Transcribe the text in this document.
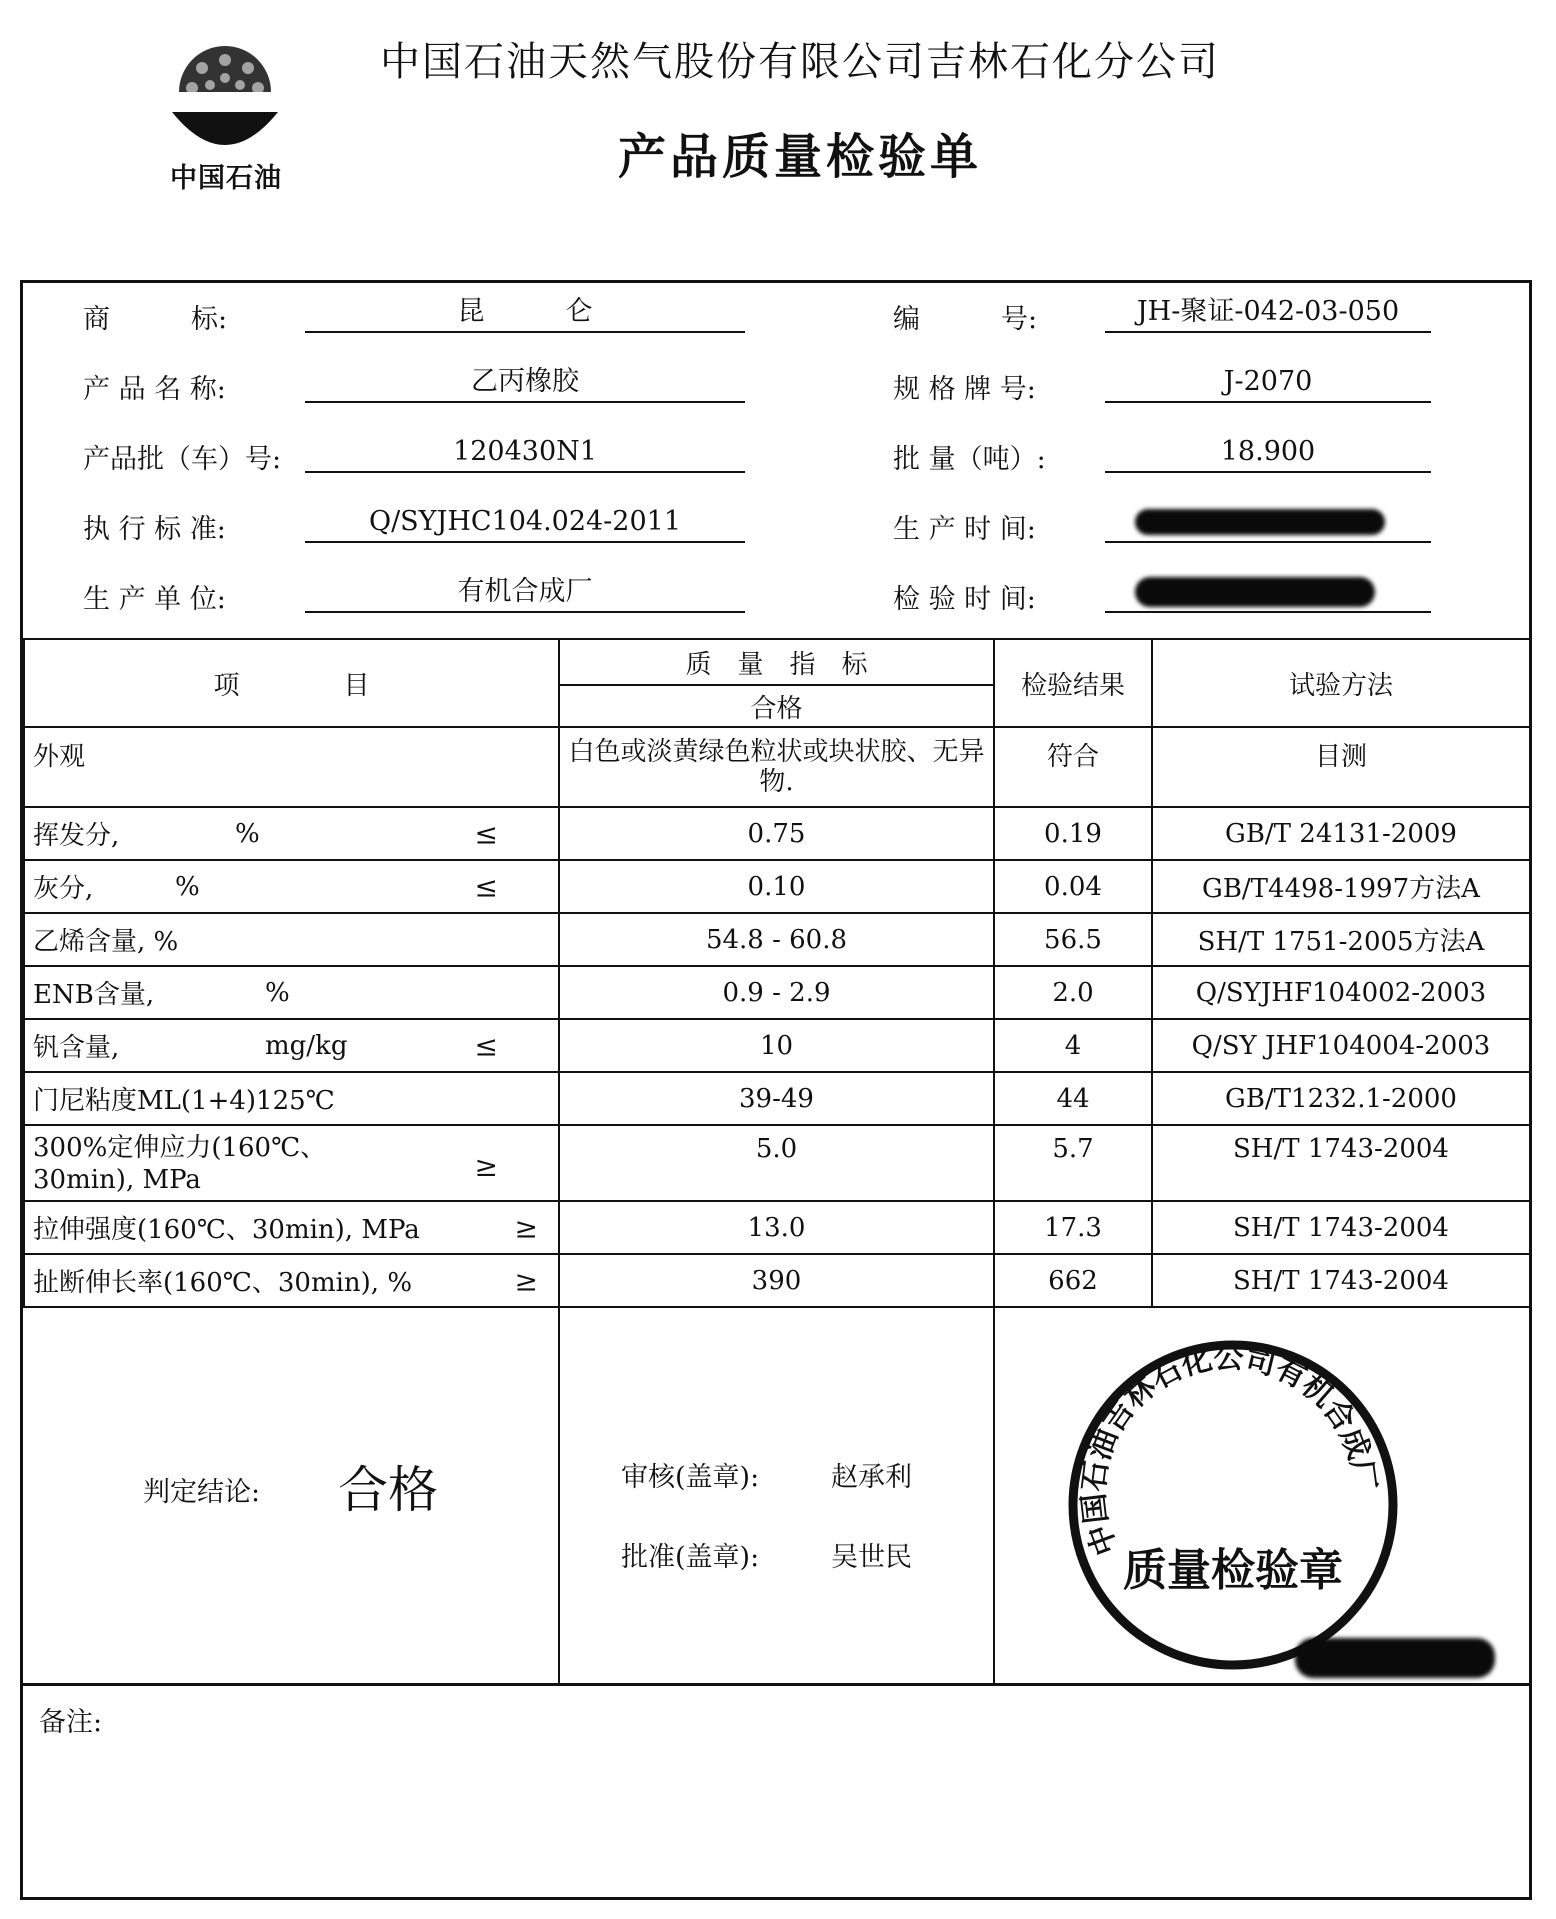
中国石油
中国石油天然气股份有限公司吉林石化分公司
产品质量检验单
商　　　标:	昆　　　仑	编　　　号:	JH-聚证-042-03-050
产 品 名 称:	乙丙橡胶	规 格 牌 号:	J-2070
产品批（车）号:	120430N1	批 量（吨）:	18.900
执 行 标 准:	Q/SYJHC104.024-2011	生 产 时 间:
生 产 单 位:	有机合成厂	检 验 时 间:
项　　　　目	质　量　指　标	检验结果	试验方法
	合格		
外观	白色或淡黄绿色粒状或块状胶、无异物.	符合	目测
挥发分, % ≤	0.75	0.19	GB/T 24131-2009
灰分, % ≤	0.10	0.04	GB/T4498-1997方法A
乙烯含量, %	54.8 - 60.8	56.5	SH/T 1751-2005方法A
ENB含量, %	0.9 - 2.9	2.0	Q/SYJHF104002-2003
钒含量, mg/kg ≤	10	4	Q/SY JHF104004-2003
门尼粘度ML(1+4)125℃	39-49	44	GB/T1232.1-2000
300%定伸应力(160℃、30min), MPa ≥	5.0	5.7	SH/T 1743-2004
拉伸强度(160℃、30min), MPa ≥	13.0	17.3	SH/T 1743-2004
扯断伸长率(160℃、30min), % ≥	390	662	SH/T 1743-2004
判定结论: 合格	审核(盖章):	赵承利
批准(盖章):	吴世民	中国石油吉林石化公司有机合成厂
质量检验章
备注:
